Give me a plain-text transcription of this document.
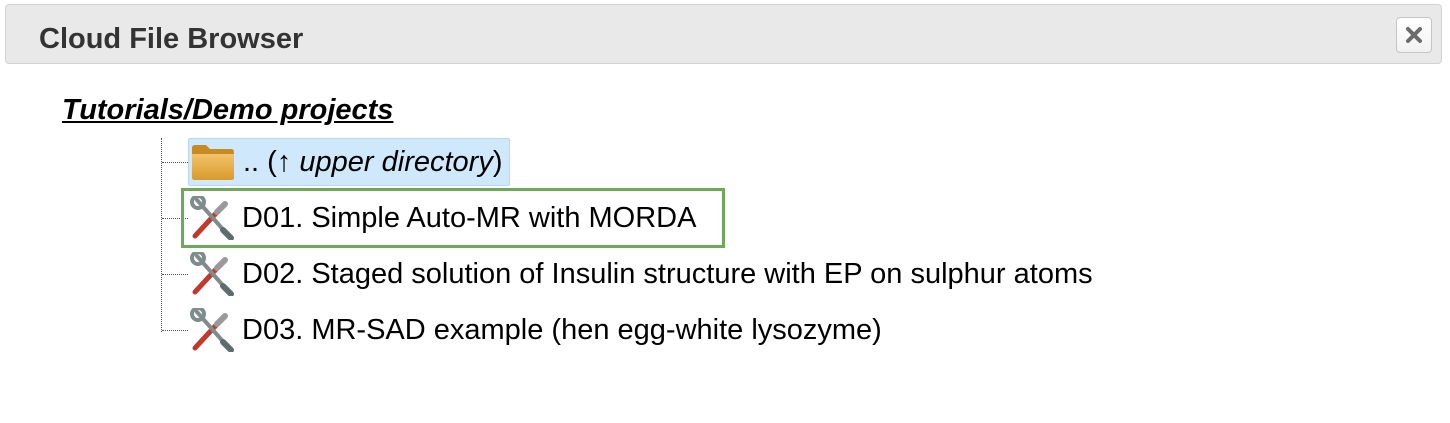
Cloud File Browser
Tutorials/Demo projects
.. (↑ upper directory)
D01. Simple Auto-MR with MORDA
D02. Staged solution of Insulin structure with EP on sulphur atoms
D03. MR-SAD example (hen egg-white lysozyme)
